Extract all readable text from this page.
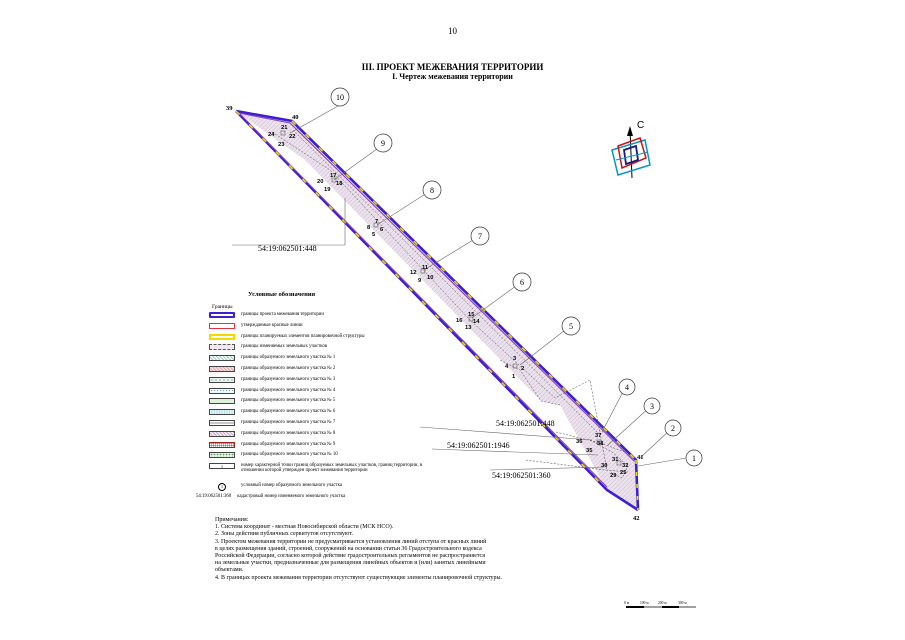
10
III. ПРОЕКТ МЕЖЕВАНИЯ ТЕРРИТОРИИ
I. Чертеж межевания территории
10
9
8
7
6
5
4
3
2
1
39
40
41
42
21
24	22
23
17
20 18
19
7
8 6
5
11
12
10
9
15
16 14
13
3
4 2
1
37
36	38
35
31
30	32
29 25
54:19:062501:448
54:19:062501:448
54:19:062501:1946
54:19:062501:360
С
Условные обозначения
Границы
границы проекта межевания территории
утверждаемые красные линии
границы планируемых элементов планировочной структуры
границы изменяемых земельных участков
границы образуемого земельного участка № 1
границы образуемого земельного участка № 2
границы образуемого земельного участка № 3
границы образуемого земельного участка № 4
границы образуемого земельного участка № 5
границы образуемого земельного участка № 6
границы образуемого земельного участка № 7
границы образуемого земельного участка № 8
границы образуемого земельного участка № 9
границы образуемого земельного участка № 10
1	номер характерной точки границ образуемых земельных участков, границ территории, в отношении которой утвержден проект межевания территории
1	условный номер образуемого земельного участка
54:19:062501:360 кадастровый номер изменяемого земельного участка
Примечания:
1. Система координат - местная Новосибирской области (МСК НСО).
2. Зоны действия публичных сервитутов отсутствуют.
3. Проектом межевания территории не предусматривается установления линий отступа от красных линий
в целях размещения зданий, строений, сооружений на основании статьи 36 Градостроительного кодекса
Российской Федерации, согласно которой действие градостроительных регламентов не распространяется
на земельные участки, предназначенные для размещения линейных объектов и (или) занятых линейными
объектами.
4. В границах проекта межевания территории отсутствуют существующие элементы планировочной структуры.
0 м	100 м	200 м	300 м
